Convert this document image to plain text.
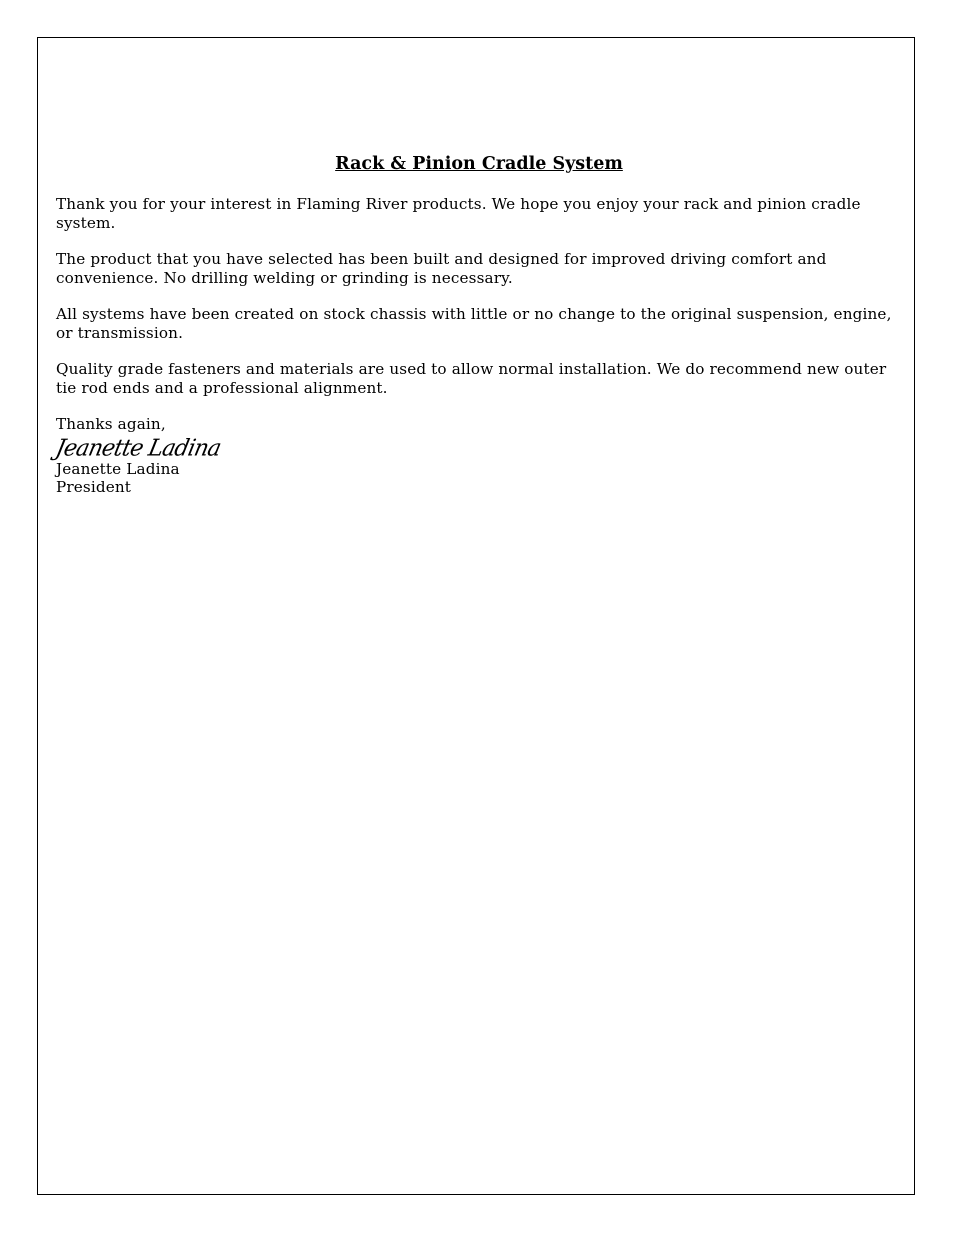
Rack & Pinion Cradle System

Thank you for your interest in Flaming River products. We hope you enjoy your rack and pinion cradle system.

The product that you have selected has been built and designed for improved driving comfort and convenience. No drilling welding or grinding is necessary.

All systems have been created on stock chassis with little or no change to the original suspension, engine, or transmission.

Quality grade fasteners and materials are used to allow normal installation. We do recommend new outer tie rod ends and a professional alignment.

Thanks again,

Jeanette Ladina

Jeanette Ladina

President
